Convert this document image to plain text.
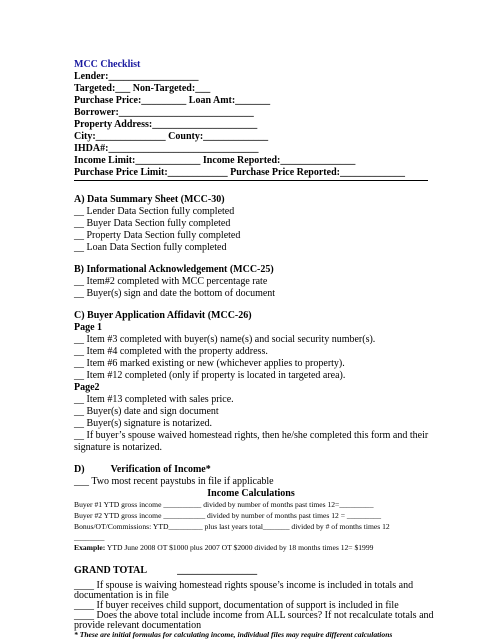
MCC Checklist
Lender:__________________
Targeted:___ Non-Targeted:___
Purchase Price:_________ Loan Amt:_______
Borrower:___________________________
Property Address:_____________________
City:______________ County:_____________
IHDA#:______________________________
Income Limit:_____________ Income Reported:_______________
Purchase Price Limit:____________ Purchase Price Reported:_____________
A) Data Summary Sheet (MCC-30)
__ Lender Data Section fully completed
__ Buyer Data Section fully completed
__ Property Data Section fully completed
__ Loan Data Section fully completed
B) Informational Acknowledgement (MCC-25)
__ Item#2 completed with MCC percentage rate
__ Buyer(s) sign and date the bottom of document
C) Buyer Application Affidavit (MCC-26)
Page 1
__ Item #3 completed with buyer(s) name(s) and social security number(s).
__ Item #4 completed with the property address.
__ Item #6 marked existing or new (whichever applies to property).
__ Item #12 completed (only if property is located in targeted area).
Page2
__ Item #13 completed with sales price.
__ Buyer(s) date and sign document
__ Buyer(s) signature is notarized.
__ If buyer’s spouse waived homestead rights, then he/she completed this form and their
signature is notarized.
D)	Verification of Income*
___ Two most recent paystubs in file if applicable
Income Calculations
Buyer #1 YTD gross income __________ divided by number of months past times 12=_________
Buyer #2 YTD gross income ___________ divided by number of months past times 12 = _________
Bonus/OT/Commissions: YTD_________ plus last years total_______ divided by # of months times 12
________
Example: YTD June 2008 OT $1000 plus 2007 OT $2000 divided by 18 months times 12= $1999
GRAND TOTAL	________________
____ If spouse is waiving homestead rights spouse’s income is included in totals and
documentation is in file
____ If buyer receives child support, documentation of support is included in file
____ Does the above total include income from ALL sources? If not recalculate totals and
provide relevant documentation
* These are initial formulas for calculating income, individual files may require different calculations
